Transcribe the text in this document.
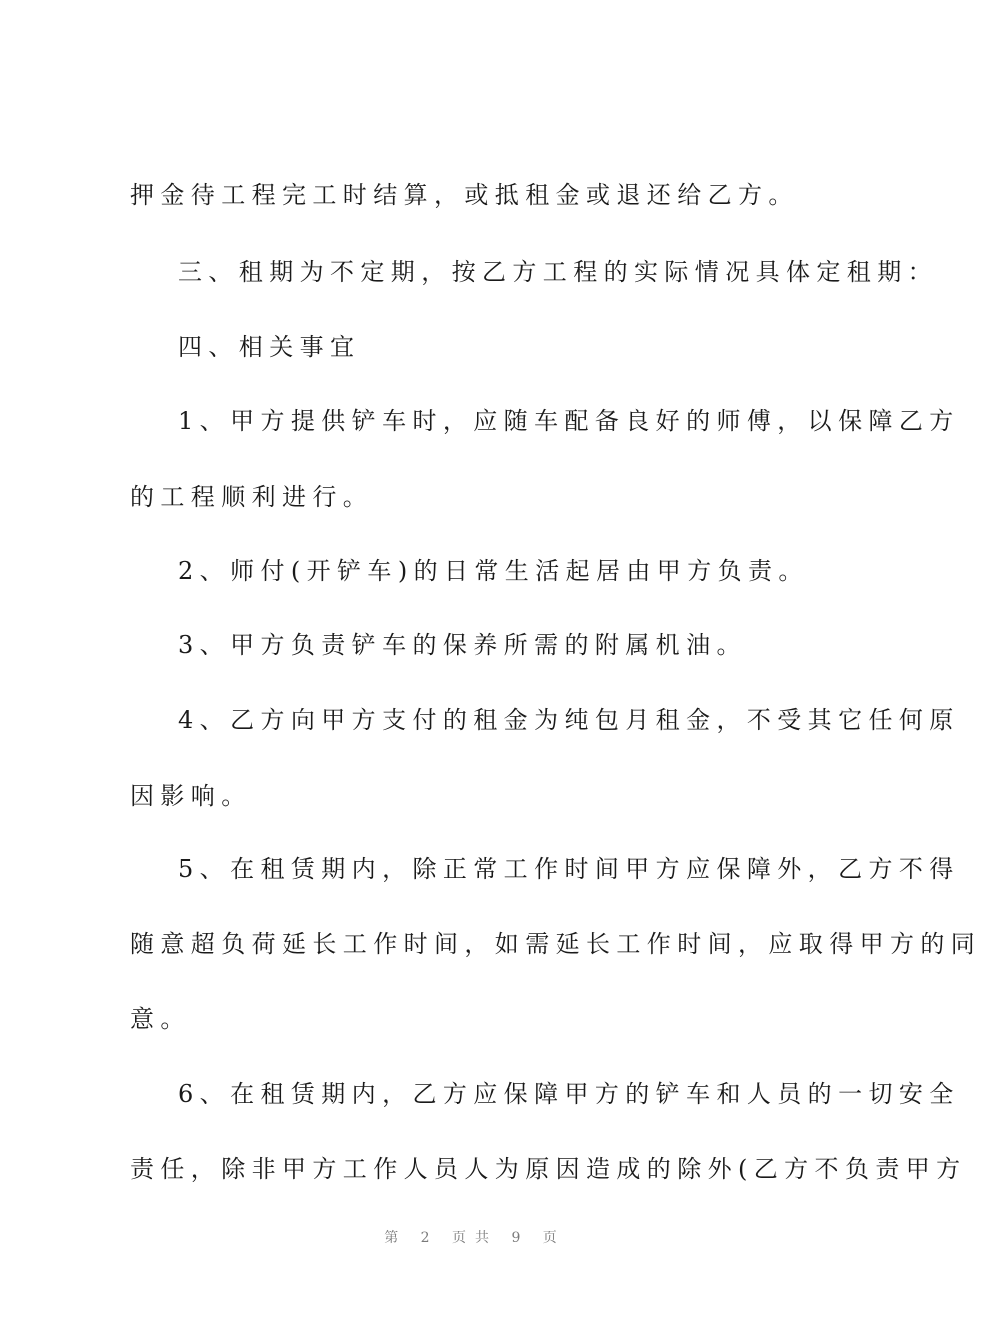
押金待工程完工时结算，或抵租金或退还给乙方。
三、租期为不定期，按乙方工程的实际情况具体定租期：
四、相关事宜
1、甲方提供铲车时，应随车配备良好的师傅，以保障乙方
的工程顺利进行。
2、师付(开铲车)的日常生活起居由甲方负责。
3、甲方负责铲车的保养所需的附属机油。
4、乙方向甲方支付的租金为纯包月租金，不受其它任何原
因影响。
5、在租赁期内，除正常工作时间甲方应保障外，乙方不得
随意超负荷延长工作时间，如需延长工作时间，应取得甲方的同
意。
6、在租赁期内，乙方应保障甲方的铲车和人员的一切安全
责任，除非甲方工作人员人为原因造成的除外(乙方不负责甲方
第 2 页共 9 页
